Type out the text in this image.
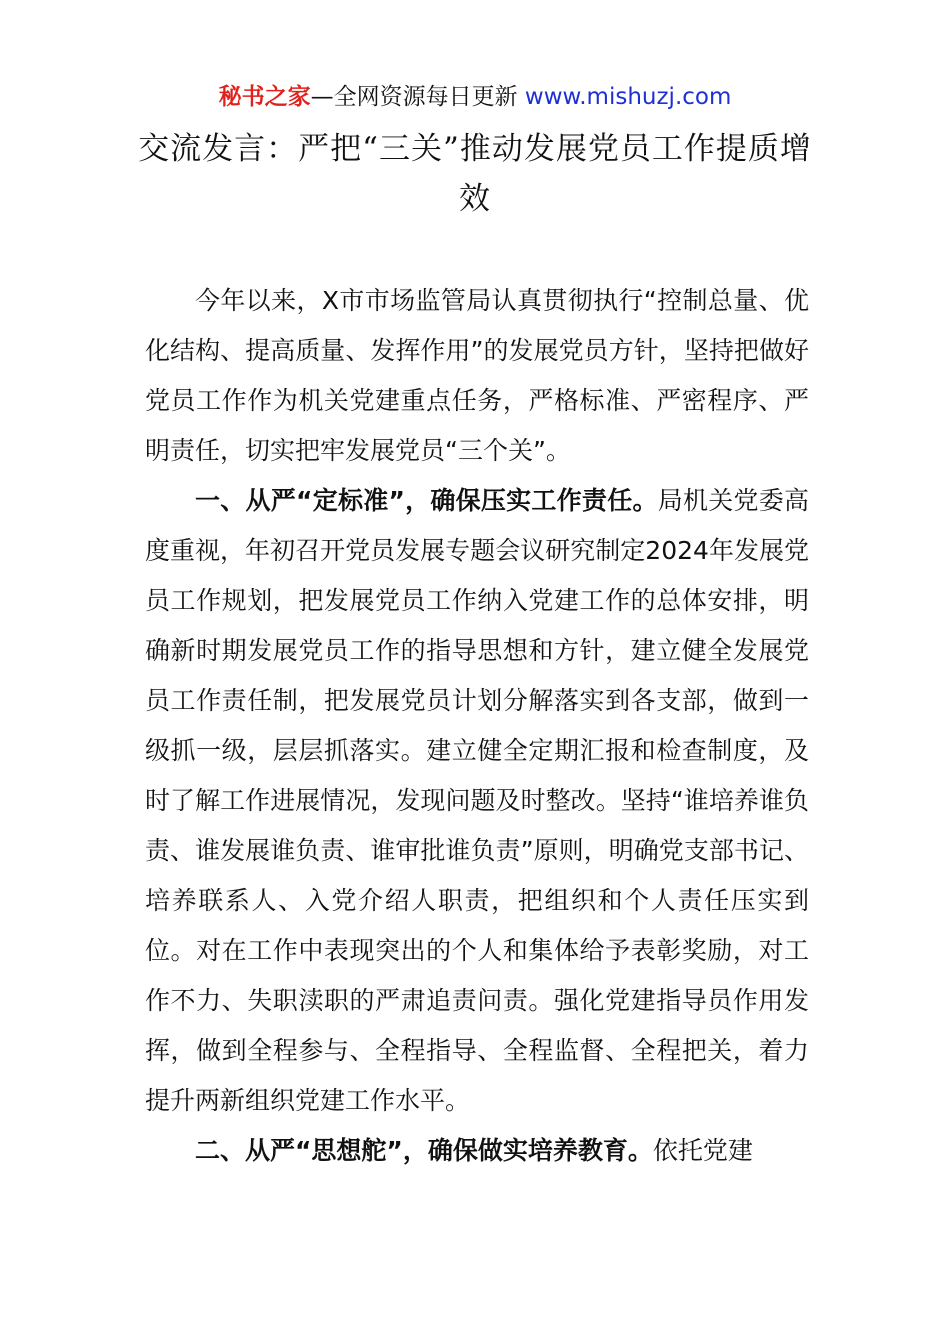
秘书之家—全网资源每日更新 www.mishuzj.com
交流发言：严把“三关”推动发展党员工作提质增效

今年以来，X市市场监管局认真贯彻执行“控制总量、优化结构、提高质量、发挥作用”的发展党员方针，坚持把做好党员工作作为机关党建重点任务，严格标准、严密程序、严明责任，切实把牢发展党员“三个关”。

一、从严“定标准”，确保压实工作责任。局机关党委高度重视，年初召开党员发展专题会议研究制定2024年发展党员工作规划，把发展党员工作纳入党建工作的总体安排，明确新时期发展党员工作的指导思想和方针，建立健全发展党员工作责任制，把发展党员计划分解落实到各支部，做到一级抓一级，层层抓落实。建立健全定期汇报和检查制度，及时了解工作进展情况，发现问题及时整改。坚持“谁培养谁负责、谁发展谁负责、谁审批谁负责”原则，明确党支部书记、培养联系人、入党介绍人职责，把组织和个人责任压实到位。对在工作中表现突出的个人和集体给予表彰奖励，对工作不力、失职渎职的严肃追责问责。强化党建指导员作用发挥，做到全程参与、全程指导、全程监督、全程把关，着力提升两新组织党建工作水平。

二、从严“思想舵”，确保做实培养教育。依托党建
